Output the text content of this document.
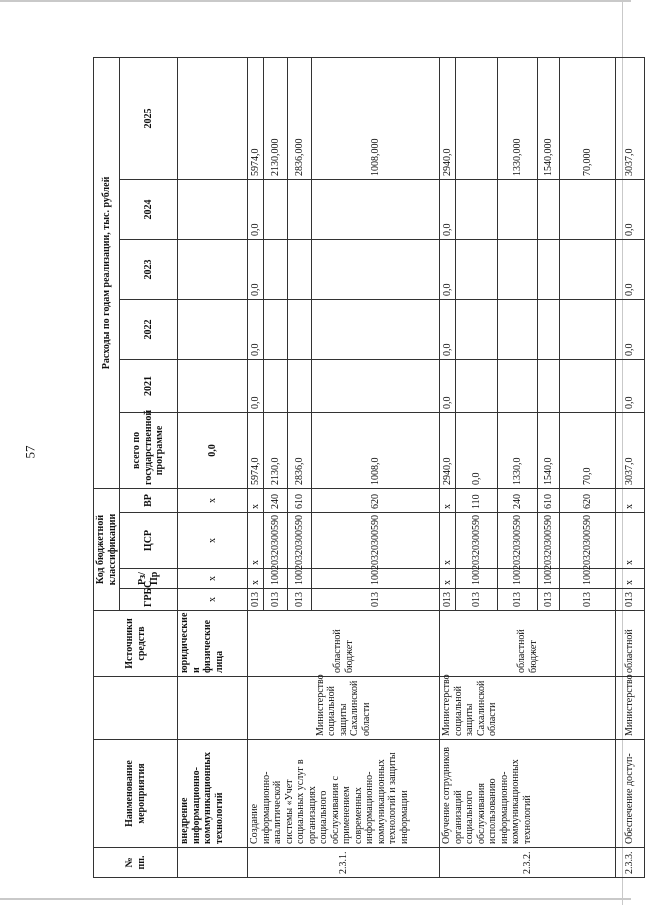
57
№ пп.	Наименование мероприятия		Источники средств	Код бюджетной классификации				Расходы по годам реализации, тыс. рублей					
				ГРБС	Рз/Пр	ЦСР	ВР	всего по государственной программе	2021	2022	2023	2024	2025
	внедрение информационно-коммуникационных технологий		юридические и физические лица	х	х	х	х	0,0					
2.3.1.	Создание информационно-аналитической системы «Учет социальных услуг в организациях социального обслуживания с применением современных информационно-коммуникационных технологий и защиты информации	Министерство социальной защиты Сахалинской области	областной бюджет	013	х	х	х	5974,0	0,0	0,0	0,0	0,0	5974,0
				013	1002	0320300590	240	2130,0					2130,000
				013	1002	0320300590	610	2836,0					2836,000
				013	1002	0320300590	620	1008,0					1008,000
2.3.2.	Обучение сотрудников организаций социального обслуживания использованию информационно-коммуникационных технологий	Министерство социальной защиты Сахалинской области	областной бюджет	013	х	х	х	2940,0	0,0	0,0	0,0	0,0	2940,0
				013	1002	0320300590	110	0,0					
				013	1002	0320300590	240	1330,0					1330,000
				013	1002	0320300590	610	1540,0					1540,000
				013	1002	0320300590	620	70,0					70,000
2.3.3.	Обеспечение доступ-	Министерство	областной	013	х	х	х	3037,0	0,0	0,0	0,0	0,0	3037,0
